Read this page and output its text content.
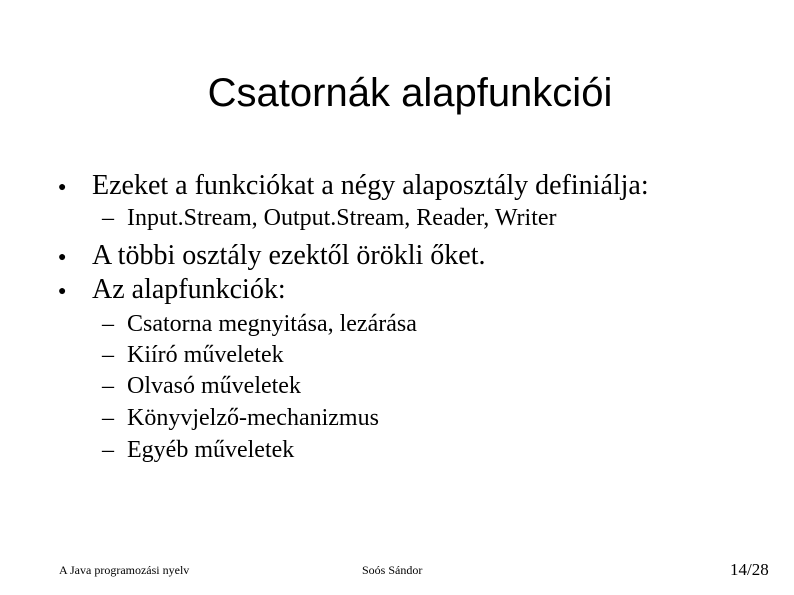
Csatornák alapfunkciói
● Ezeket a funkciókat a négy alaposztály definiálja:
– Input.Stream, Output.Stream, Reader, Writer
● A többi osztály ezektől örökli őket.
● Az alapfunkciók:
– Csatorna megnyitása, lezárása
– Kiíró műveletek
– Olvasó műveletek
– Könyvjelző-mechanizmus
– Egyéb műveletek
A Java programozási nyelv	Soós Sándor	14/28
